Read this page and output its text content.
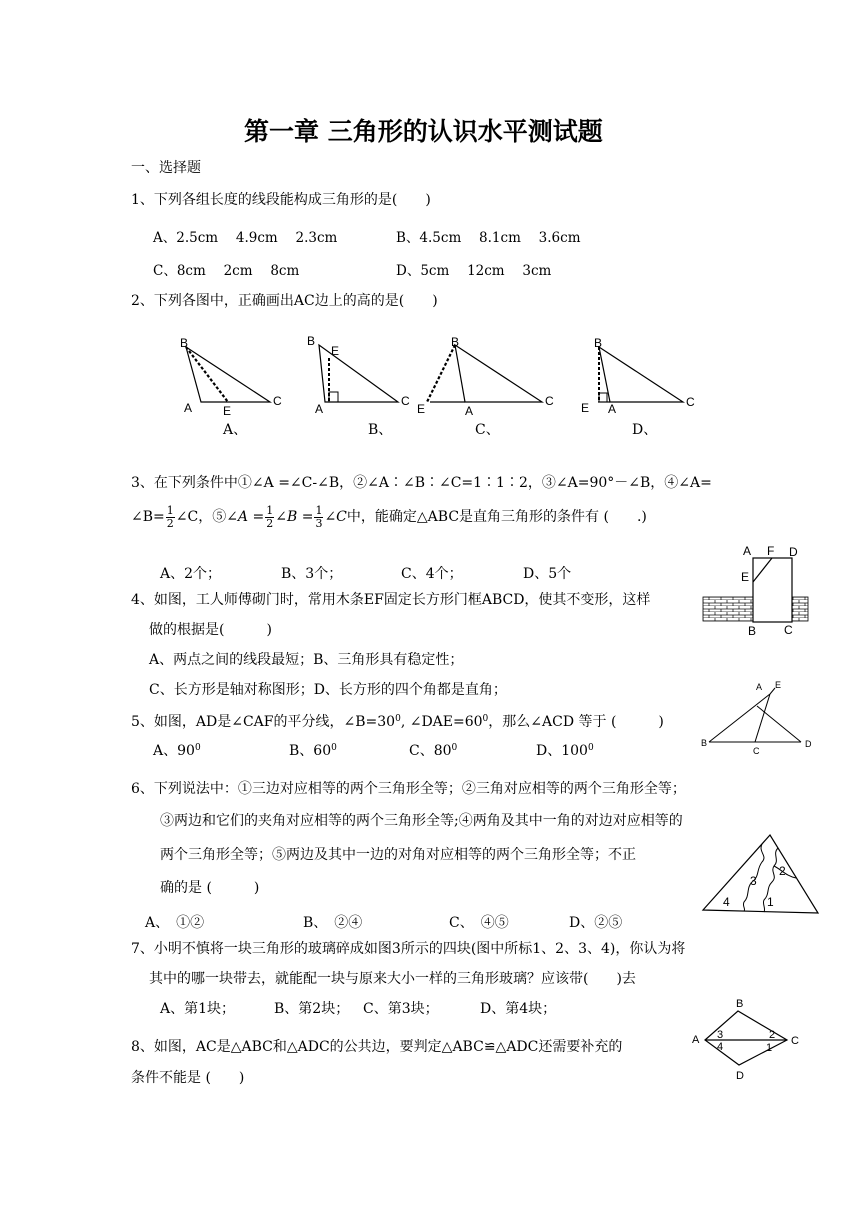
第一章 三角形的认识水平测试题
一、选择题
1、下列各组长度的线段能构成三角形的是(　　)
A、2.5cm　 4.9cm　 2.3cm	B、4.5cm　 8.1cm　 3.6cm
C、8cm　 2cm　 8cm	D、5cm　 12cm　 3cm
2、下列各图中，正确画出AC边上的高的是(　　)
B
A	E
C
B
E
A
C
B
E	A
C
B
E A	C
A、	B、	C、	D、
3、在下列条件中①∠A =∠C-∠B，②∠A∶∠B∶∠C=1∶1∶2，③∠A=90°－∠B，④∠A=
∠B= $\frac{1}{2}$ ∠C，⑤∠A = $\frac{1}{2}$ ∠B = $\frac{1}{3}$ ∠C中，能确定△ABC是直角三角形的条件有 (　　.)
A、2个；	B、3个；	C、4个；	D、5个
A F D
E
B C
4、如图，工人师傅砌门时，常用木条EF固定长方形门框ABCD，使其不变形，这样
做的根据是(　　　)
A、两点之间的线段最短；B、三角形具有稳定性；
C、长方形是轴对称图形；D、长方形的四个角都是直角；	A E
B
C
D
5、如图，AD是∠CAF的平分线，$\angle B=30^0$, $\angle DAE=60^0$，那么∠ACD 等于 (　　　)
A、$90^0$	B、$60^0$	C、$80^0$	D、$100^0$
6、下列说法中：①三边对应相等的两个三角形全等；②三角对应相等的两个三角形全等；
③两边和它们的夹角对应相等的两个三角形全等;④两角及其中一角的对边对应相等的
两个三角形全等；⑤两边及其中一边的对角对应相等的两个三角形全等；不正
确的是 (　　　)
4
3
2
1
A、　①②	B、　②④	C、　④⑤	D、②⑤
7、小明不慎将一块三角形的玻璃碎成如图3所示的四块(图中所标1、2、3、4)，你认为将
其中的哪一块带去，就能配一块与原来大小一样的三角形玻璃？应该带(　　)去
A、第1块；	B、第2块； C、第3块；	D、第4块；	B
A	C
D
3
4
2
1
8、如图，AC是△ABC和△ADC的公共边，要判定△ABC≌△ADC还需要补充的
条件不能是 (　　)
